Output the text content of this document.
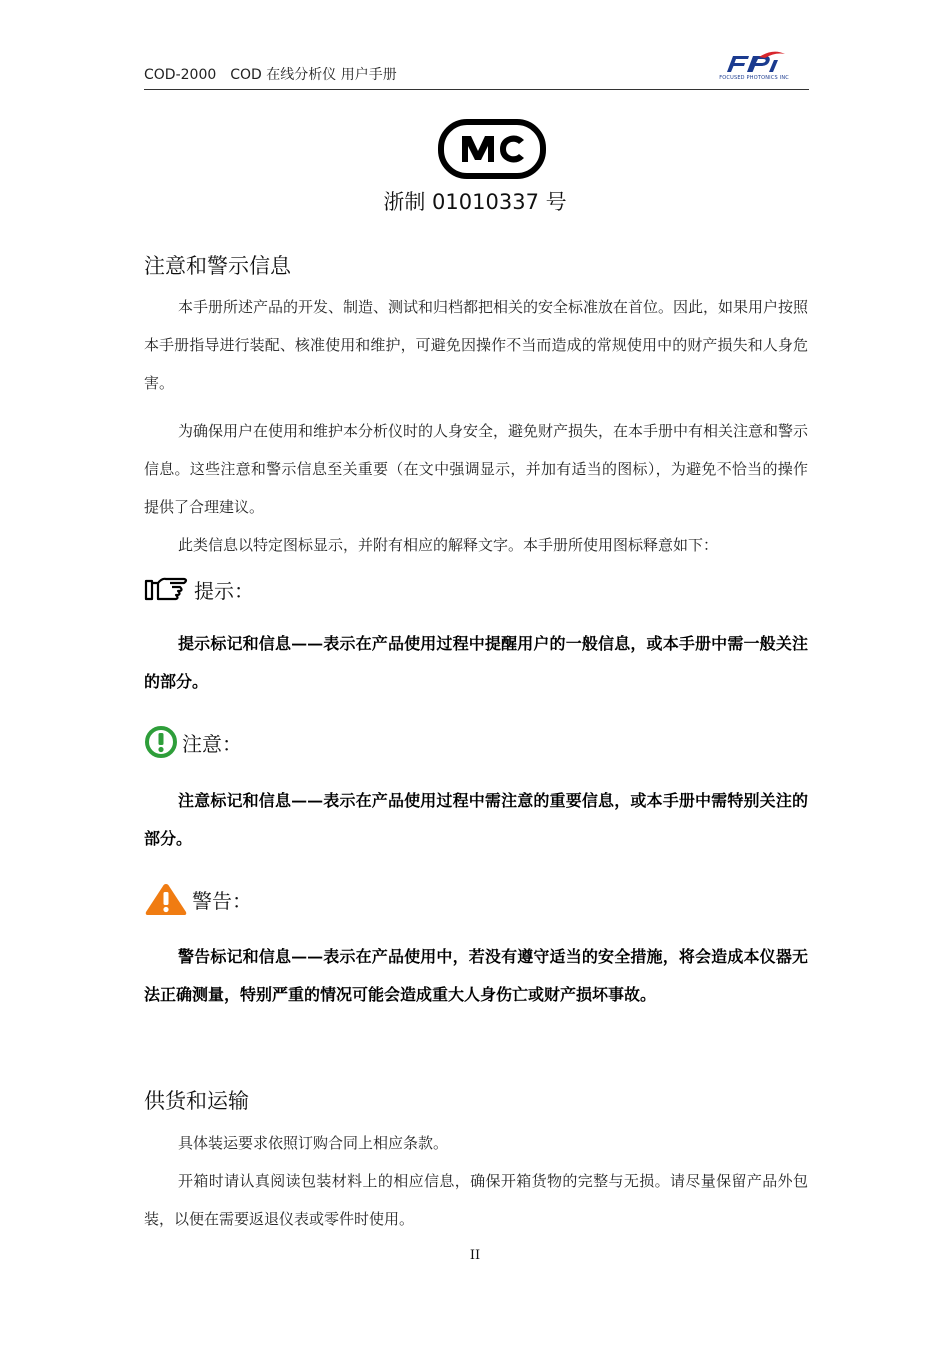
COD-2000　COD 在线分析仪 用户手册	FOCUSED PHOTONICS INC
浙制 01010337 号
注意和警示信息
本手册所述产品的开发、制造、测试和归档都把相关的安全标准放在首位。因此，如果用户按照本手册指导进行装配、核准使用和维护，可避免因操作不当而造成的常规使用中的财产损失和人身危害。
为确保用户在使用和维护本分析仪时的人身安全，避免财产损失，在本手册中有相关注意和警示信息。这些注意和警示信息至关重要（在文中强调显示，并加有适当的图标），为避免不恰当的操作提供了合理建议。
此类信息以特定图标显示，并附有相应的解释文字。本手册所使用图标释意如下：
提示：
提示标记和信息——表示在产品使用过程中提醒用户的一般信息，或本手册中需一般关注的部分。
注意：
注意标记和信息——表示在产品使用过程中需注意的重要信息，或本手册中需特别关注的部分。
警告：
警告标记和信息——表示在产品使用中，若没有遵守适当的安全措施，将会造成本仪器无法正确测量，特别严重的情况可能会造成重大人身伤亡或财产损坏事故。
供货和运输
具体装运要求依照订购合同上相应条款。
开箱时请认真阅读包装材料上的相应信息，确保开箱货物的完整与无损。请尽量保留产品外包装，以便在需要返退仪表或零件时使用。
II
